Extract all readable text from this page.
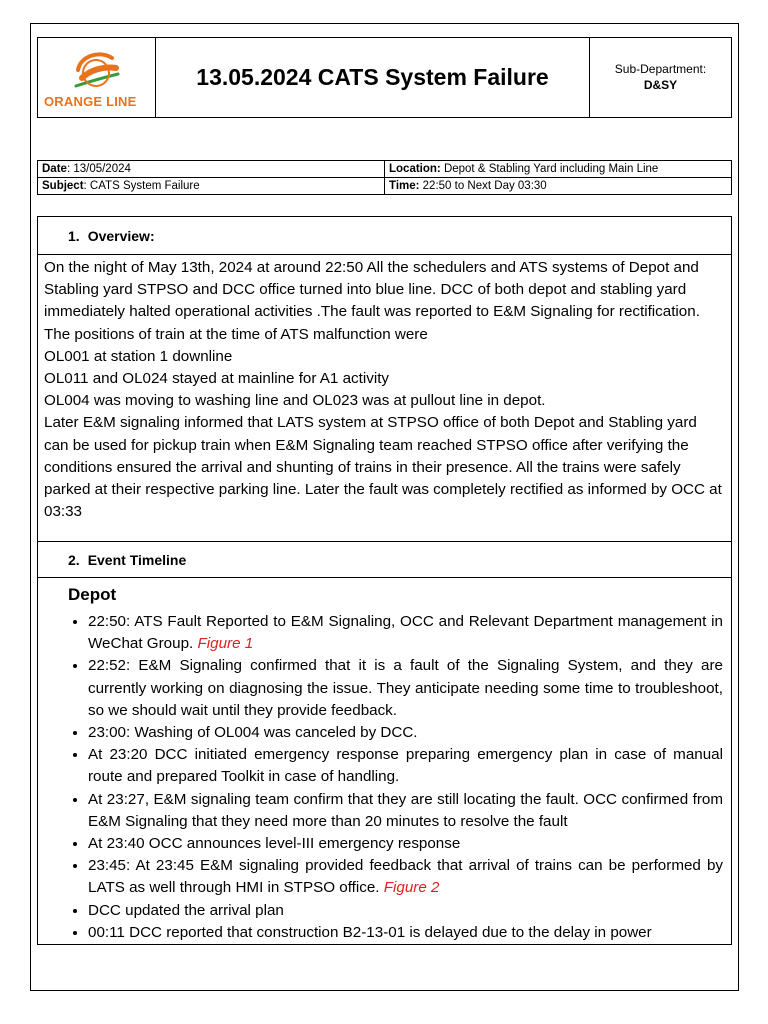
ORANGE LINE
13.05.2024 CATS System Failure	Sub-Department:
D&SY
Date: 13/05/2024	Location: Depot & Stabling Yard including Main Line
Subject: CATS System Failure	Time: 22:50 to Next Day 03:30
1. Overview:

On the night of May 13th, 2024 at around 22:50 All the schedulers and ATS systems of Depot and Stabling yard STPSO and DCC office turned into blue line. DCC of both depot and stabling yard immediately halted operational activities .The fault was reported to E&M Signaling for rectification.

The positions of train at the time of ATS malfunction were

OL001 at station 1 downline

OL011 and OL024 stayed at mainline for A1 activity

OL004 was moving to washing line and OL023 was at pullout line in depot.

Later E&M signaling informed that LATS system at STPSO office of both Depot and Stabling yard can be used for pickup train when E&M Signaling team reached STPSO office after verifying the conditions ensured the arrival and shunting of trains in their presence. All the trains were safely parked at their respective parking line. Later the fault was completely rectified as informed by OCC at 03:33

2. Event Timeline
Depot
• 22:50: ATS Fault Reported to E&M Signaling, OCC and Relevant Department management in WeChat Group. Figure 1
• 22:52: E&M Signaling confirmed that it is a fault of the Signaling System, and they are currently working on diagnosing the issue. They anticipate needing some time to troubleshoot, so we should wait until they provide feedback.
• 23:00: Washing of OL004 was canceled by DCC.
• At 23:20 DCC initiated emergency response preparing emergency plan in case of manual route and prepared Toolkit in case of handling.
• At 23:27, E&M signaling team confirm that they are still locating the fault. OCC confirmed from E&M Signaling that they need more than 20 minutes to resolve the fault
• At 23:40 OCC announces level-III emergency response
• 23:45: At 23:45 E&M signaling provided feedback that arrival of trains can be performed by LATS as well through HMI in STPSO office. Figure 2
• DCC updated the arrival plan
• 00:11 DCC reported that construction B2-13-01 is delayed due to the delay in power
